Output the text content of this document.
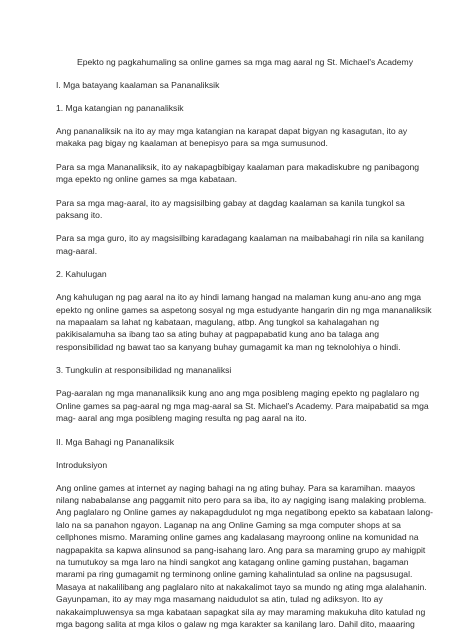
Epekto ng pagkahumaling sa online games sa mga mag aaral ng St. Michael's Academy
I. Mga batayang kaalaman sa Pananaliksik
1. Mga katangian ng pananaliksik
Ang pananaliksik na ito ay may mga katangian na karapat dapat bigyan ng kasagutan, ito ay makaka pag bigay ng kaalaman at benepisyo para sa mga sumusunod.
Para sa mga Mananaliksik, ito ay nakapagbibigay kaalaman para makadiskubre ng panibagong mga epekto ng online games sa mga kabataan.
Para sa mga mag-aaral, ito ay magsisilbing gabay at dagdag kaalaman sa kanila tungkol sa paksang ito.
Para sa mga guro, ito ay magsisilbing karadagang kaalaman na maibabahagi rin nila sa kanilang mag-aaral.
2. Kahulugan
Ang kahulugan ng pag aaral na ito ay hindi lamang hangad na malaman kung anu-ano ang mga epekto ng online games sa aspetong sosyal ng mga estudyante hangarin din ng mga mananaliksik na mapaalam sa lahat ng kabataan, magulang, atbp. Ang tungkol sa kahalagahan ng pakikisalamuha sa ibang tao sa ating buhay at pagpapabatid kung ano ba talaga ang responsibilidad ng bawat tao sa kanyang buhay gumagamit ka man ng teknolohiya o hindi.
3. Tungkulin at responsibilidad ng mananaliksi
Pag-aaralan ng mga mananaliksik kung ano ang mga posibleng maging epekto ng paglalaro ng Online games sa pag-aaral ng mga mag-aaral sa St. Michael's Academy. Para maipabatid sa mga mag- aaral ang mga posibleng maging resulta ng pag aaral na ito.
II. Mga Bahagi ng Pananaliksik
Introduksiyon
Ang online games at internet ay naging bahagi na ng ating buhay. Para sa karamihan. maayos nilang nababalanse ang paggamit nito pero para sa iba, ito ay nagiging isang malaking problema. Ang paglalaro ng Online games ay nakapagdudulot ng mga negatibong epekto sa kabataan lalong-lalo na sa panahon ngayon. Laganap na ang Online Gaming sa mga computer shops at sa cellphones mismo. Maraming online games ang kadalasang mayroong online na komunidad na nagpapakita sa kapwa alinsunod sa pang-isahang laro. Ang para sa maraming grupo ay mahigpit na tumutukoy sa mga laro na hindi sangkot ang katagang online gaming pustahan, bagaman marami pa ring gumagamit ng terminong online gaming kahalintulad sa online na pagsusugal. Masaya at nakalilibang ang paglalaro nito at nakakalimot tayo sa mundo ng ating mga alalahanin. Gayunpaman, ito ay may mga masamang naidudulot sa atin, tulad ng adiksyon. Ito ay nakakaimpluwensya sa mga kabataan sapagkat sila ay may maraming makukuha dito katulad ng mga bagong salita at mga kilos o galaw ng mga karakter sa kanilang laro. Dahil dito, maaaring
